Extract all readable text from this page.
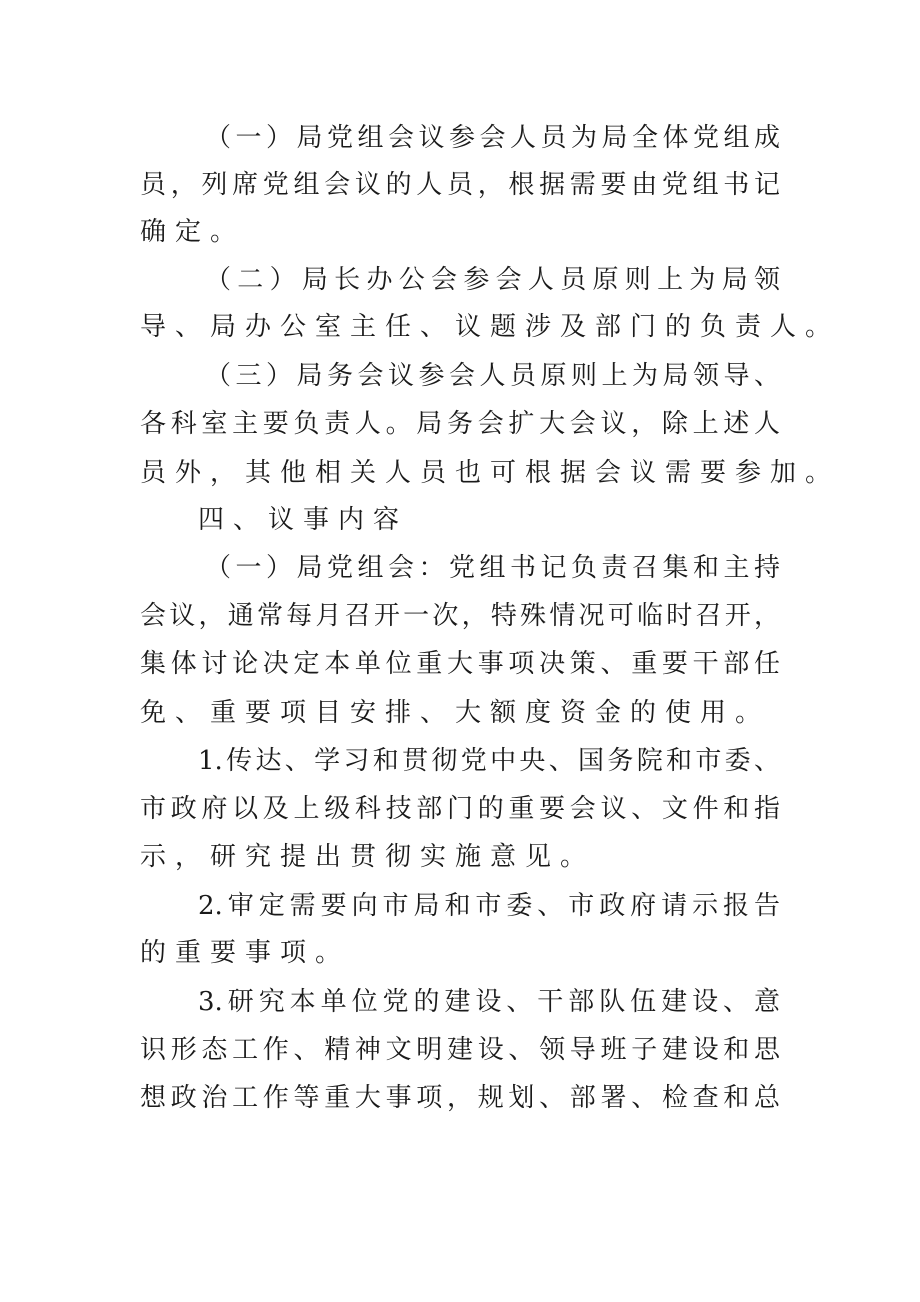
（一）局党组会议参会人员为局全体党组成
员，列席党组会议的人员，根据需要由党组书记
确定。
（二）局长办公会参会人员原则上为局领
导、局办公室主任、议题涉及部门的负责人。
（三）局务会议参会人员原则上为局领导、
各科室主要负责人。局务会扩大会议，除上述人
员外，其他相关人员也可根据会议需要参加。
四、议事内容
（一）局党组会：党组书记负责召集和主持
会议，通常每月召开一次，特殊情况可临时召开，
集体讨论决定本单位重大事项决策、重要干部任
免、重要项目安排、大额度资金的使用。
1.传达、学习和贯彻党中央、国务院和市委、
市政府以及上级科技部门的重要会议、文件和指
示，研究提出贯彻实施意见。
2.审定需要向市局和市委、市政府请示报告
的重要事项。
3.研究本单位党的建设、干部队伍建设、意
识形态工作、精神文明建设、领导班子建设和思
想政治工作等重大事项，规划、部署、检查和总
